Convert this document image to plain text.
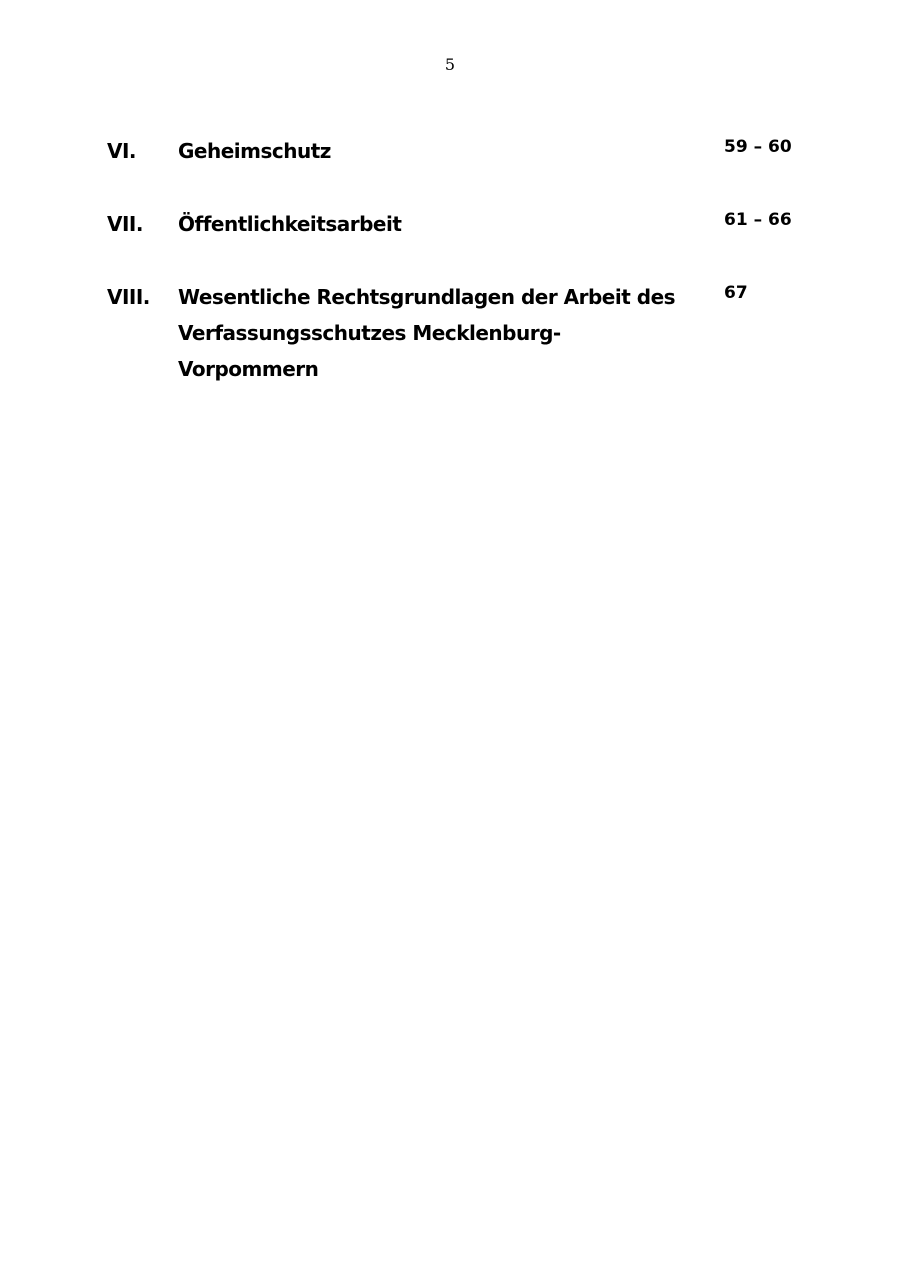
5
VI. Geheimschutz	59 – 60
VII. Öffentlichkeitsarbeit	61 – 66
VIII. Wesentliche Rechtsgrundlagen der Arbeit des
Verfassungsschutzes Mecklenburg-Vorpommern
67
